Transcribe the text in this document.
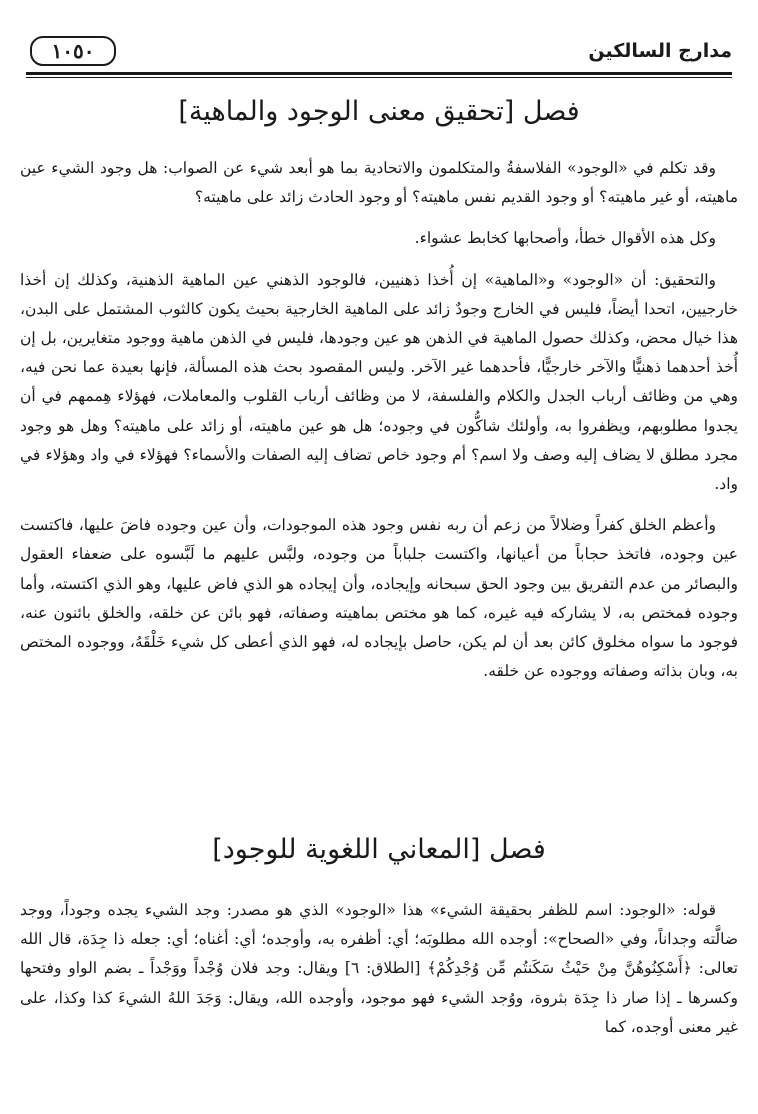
مدارج السالكين
١٠٥٠
فصل [تحقيق معنى الوجود والماهية]

وقد تكلم في «الوجود» الفلاسفةُ والمتكلمون والاتحادية بما هو أبعد شيء عن الصواب: هل وجود الشيء عين ماهيته، أو غير ماهيته؟ أو وجود القديم نفس ماهيته؟ أو وجود الحادث زائد على ماهيته؟

وكل هذه الأقوال خطأ، وأصحابها كخابط عشواء.

والتحقيق: أن «الوجود» و«الماهية» إن أُخذا ذهنيين، فالوجود الذهني عين الماهية الذهنية، وكذلك إن أخذا خارجيين، اتحدا أيضاً، فليس في الخارج وجودٌ زائد على الماهية الخارجية بحيث يكون كالثوب المشتمل على البدن، هذا خيال محض، وكذلك حصول الماهية في الذهن هو عين وجودها، فليس في الذهن ماهية ووجود متغايرين، بل إن أُخذ أحدهما ذهنيًّا والآخر خارجيًّا، فأحدهما غير الآخر. وليس المقصود بحث هذه المسألة، فإنها بعيدة عما نحن فيه، وهي من وظائف أرباب الجدل والكلام والفلسفة، لا من وظائف أرباب القلوب والمعاملات، فهؤلاء هِممهم في أن يجدوا مطلوبهم، ويظفروا به، وأولئك شاكُّون في وجوده؛ هل هو عين ماهيته، أو زائد على ماهيته؟ وهل هو وجود مجرد مطلق لا يضاف إليه وصف ولا اسم؟ أم وجود خاص تضاف إليه الصفات والأسماء؟ فهؤلاء في واد وهؤلاء في واد.

وأعظم الخلق كفراً وضلالاً من زعم أن ربه نفس وجود هذه الموجودات، وأن عين وجوده فاضَ عليها، فاكتست عين وجوده، فاتخذ حجاباً من أعيانها، واكتست جلباباً من وجوده، ولبَّس عليهم ما لَبَّسوه على ضعفاء العقول والبصائر من عدم التفريق بين وجود الحق سبحانه وإيجاده، وأن إيجاده هو الذي فاض عليها، وهو الذي اكتسته، وأما وجوده فمختص به، لا يشاركه فيه غيره، كما هو مختص بماهيته وصفاته، فهو بائن عن خلقه، والخلق بائنون عنه، فوجود ما سواه مخلوق كائن بعد أن لم يكن، حاصل بإيجاده له، فهو الذي أعطى كل شيء خَلْقَهُ، ووجوده المختص به، وبان بذاته وصفاته ووجوده عن خلقه.

فصل [المعاني اللغوية للوجود]

قوله: «الوجود: اسم للظفر بحقيقة الشيء» هذا «الوجود» الذي هو مصدر: وجد الشيء يجده وجوداً، ووجد ضالَّته وجداناً، وفي «الصحاح»: أوجده الله مطلوبَه؛ أي: أظفره به، وأوجده؛ أي: أغناه؛ أي: جعله ذا جِدَة، قال الله تعالى: ﴿أَسْكِنُوهُنَّ مِنْ حَيْثُ سَكَنتُم مِّن وُجْدِكُمْ﴾ [الطلاق: ٦] ويقال: وجد فلان وُجْداً ووَجْداً ـ بضم الواو وفتحها وكسرها ـ إذا صار ذا جِدَة بثروة، ووُجد الشيء فهو موجود، وأوجده الله، ويقال: وَجَدَ اللهُ الشيءَ كذا وكذا، على غير معنى أوجده، كما
